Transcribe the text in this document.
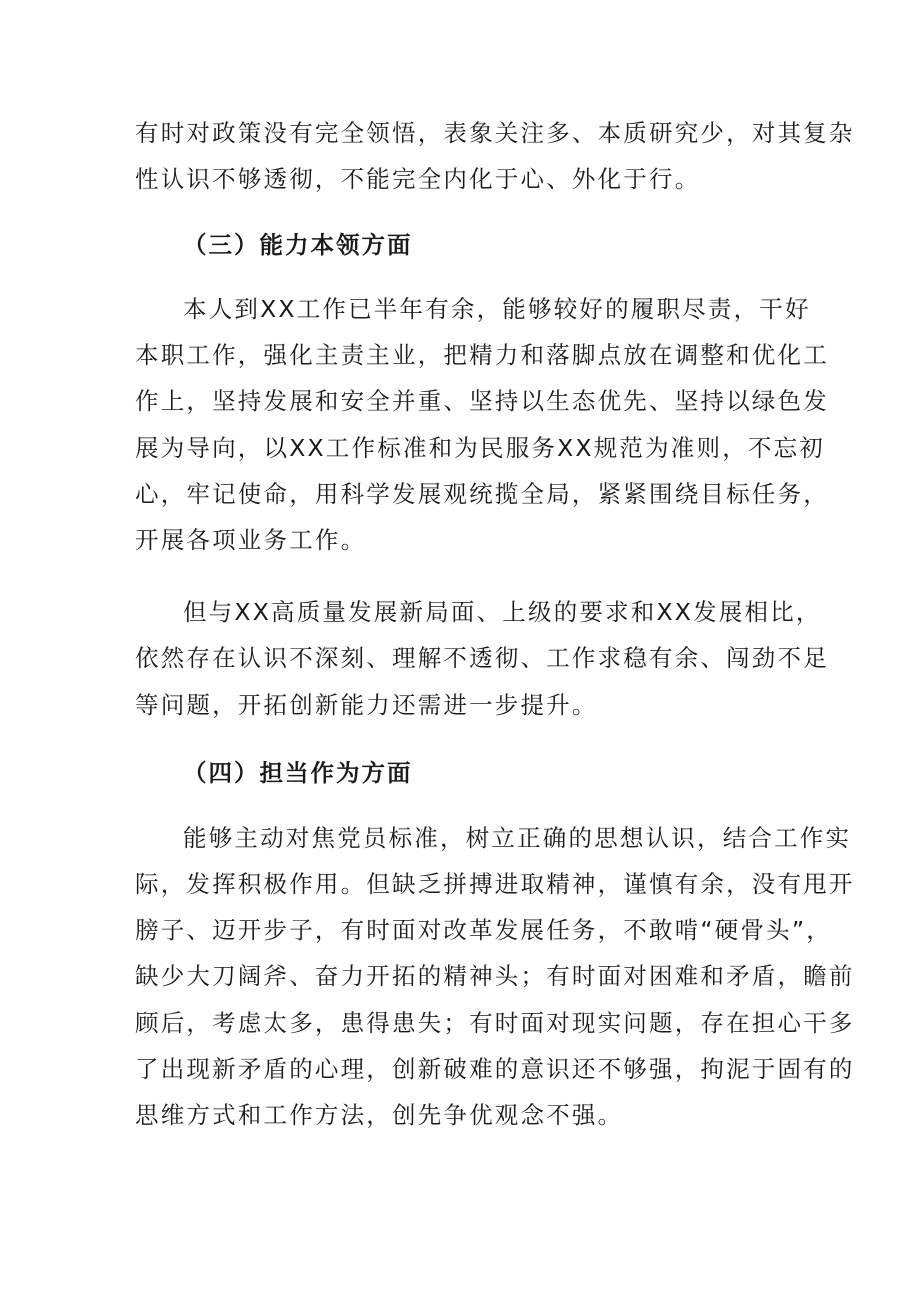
有时对政策没有完全领悟，表象关注多、本质研究少，对其复杂

性认识不够透彻，不能完全内化于心、外化于行。

（三）能力本领方面

本人到XX工作已半年有余，能够较好的履职尽责，干好

本职工作，强化主责主业，把精力和落脚点放在调整和优化工

作上，坚持发展和安全并重、坚持以生态优先、坚持以绿色发

展为导向，以XX工作标准和为民服务XX规范为准则，不忘初

心，牢记使命，用科学发展观统揽全局，紧紧围绕目标任务，

开展各项业务工作。

但与XX高质量发展新局面、上级的要求和XX发展相比，

依然存在认识不深刻、理解不透彻、工作求稳有余、闯劲不足

等问题，开拓创新能力还需进一步提升。

（四）担当作为方面

能够主动对焦党员标准，树立正确的思想认识，结合工作实

际，发挥积极作用。但缺乏拼搏进取精神，谨慎有余，没有甩开

膀子、迈开步子，有时面对改革发展任务，不敢啃“硬骨头”，

缺少大刀阔斧、奋力开拓的精神头；有时面对困难和矛盾，瞻前

顾后，考虑太多，患得患失；有时面对现实问题，存在担心干多

了出现新矛盾的心理，创新破难的意识还不够强，拘泥于固有的

思维方式和工作方法，创先争优观念不强。
